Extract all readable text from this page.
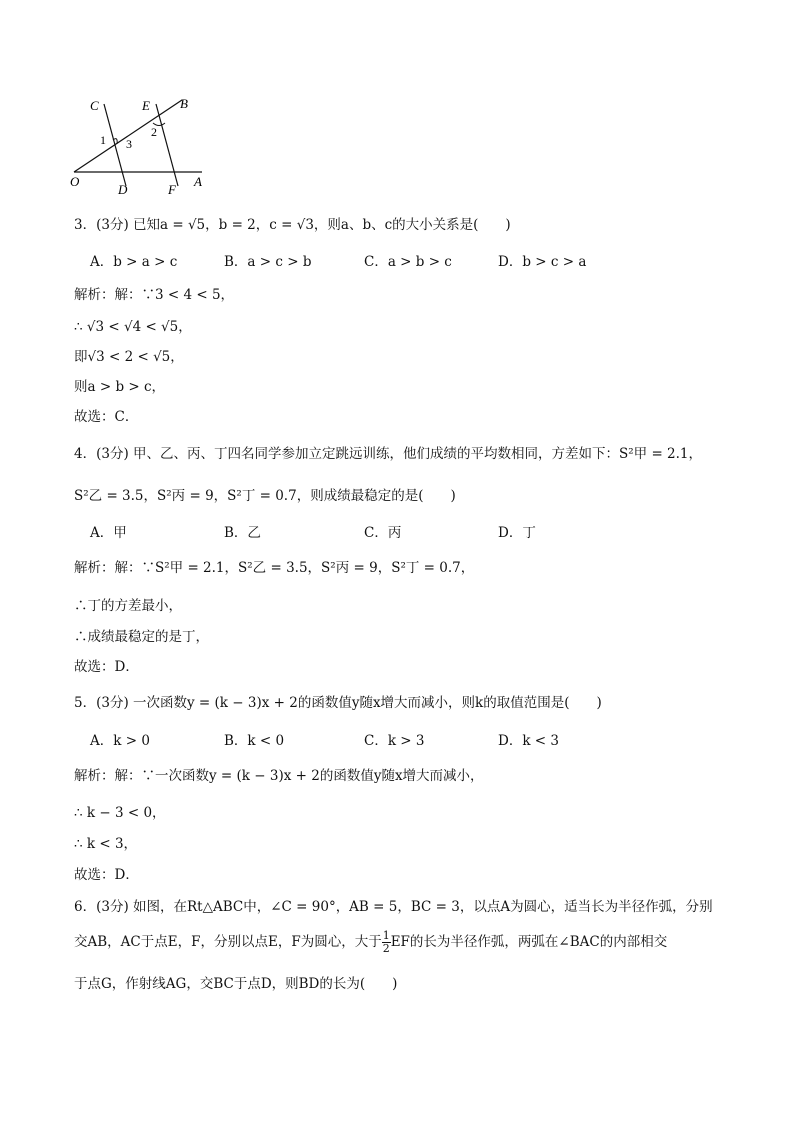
C	E B
O
D	F
A
1
2
3
3．(3分) 已知a = √5，b = 2，c = √3，则a、b、c的大小关系是(　　)
A．b > a > c	B．a > c > b	C．a > b > c	D．b > c > a
解析：解：∵3 < 4 < 5，
∴ √3 < √4 < √5，
即√3 < 2 < √5，
则a > b > c，
故选：C．
4．(3分) 甲、乙、丙、丁四名同学参加立定跳远训练，他们成绩的平均数相同，方差如下：S²甲 = 2.1，
S²乙 = 3.5，S²丙 = 9，S²丁 = 0.7，则成绩最稳定的是(　　)
A．甲	B．乙	C．丙	D．丁
解析：解：∵S²甲 = 2.1，S²乙 = 3.5，S²丙 = 9，S²丁 = 0.7，
∴丁的方差最小，
∴成绩最稳定的是丁，
故选：D．
5．(3分) 一次函数y = (k − 3)x + 2的函数值y随x增大而减小，则k的取值范围是(　　)
A．k > 0	B．k < 0	C．k > 3	D．k < 3
解析：解：∵一次函数y = (k − 3)x + 2的函数值y随x增大而减小，
∴ k − 3 < 0，
∴ k < 3，
故选：D．
6．(3分) 如图，在Rt△ABC中，∠C = 90°，AB = 5，BC = 3，以点A为圆心，适当长为半径作弧，分别
交AB，AC于点E，F，分别以点E，F为圆心，大于 $\frac{1}{2}$ EF的长为半径作弧，两弧在∠BAC的内部相交
于点G，作射线AG，交BC于点D，则BD的长为(　　)
